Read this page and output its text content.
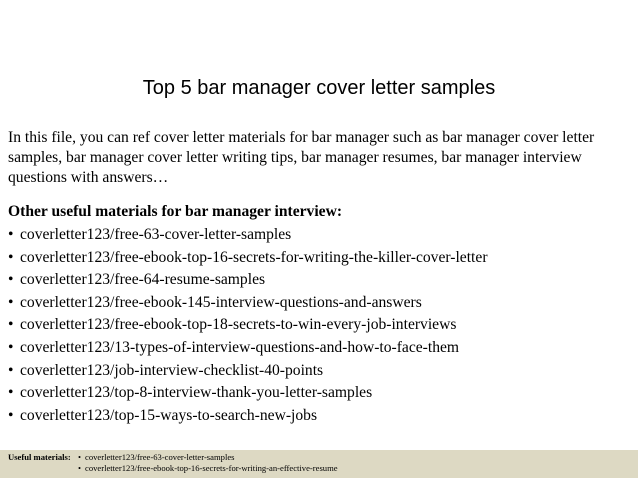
Top 5 bar manager cover letter samples

In this file, you can ref cover letter materials for bar manager such as bar manager cover letter samples, bar manager cover letter writing tips, bar manager resumes, bar manager interview questions with answers…

Other useful materials for bar manager interview:
• coverletter123/free-63-cover-letter-samples
• coverletter123/free-ebook-top-16-secrets-for-writing-the-killer-cover-letter
• coverletter123/free-64-resume-samples
• coverletter123/free-ebook-145-interview-questions-and-answers
• coverletter123/free-ebook-top-18-secrets-to-win-every-job-interviews
• coverletter123/13-types-of-interview-questions-and-how-to-face-them
• coverletter123/job-interview-checklist-40-points
• coverletter123/top-8-interview-thank-you-letter-samples
• coverletter123/top-15-ways-to-search-new-jobs
Useful materials: • coverletter123/free-63-cover-letter-samples
• coverletter123/free-ebook-top-16-secrets-for-writing-an-effective-resume
